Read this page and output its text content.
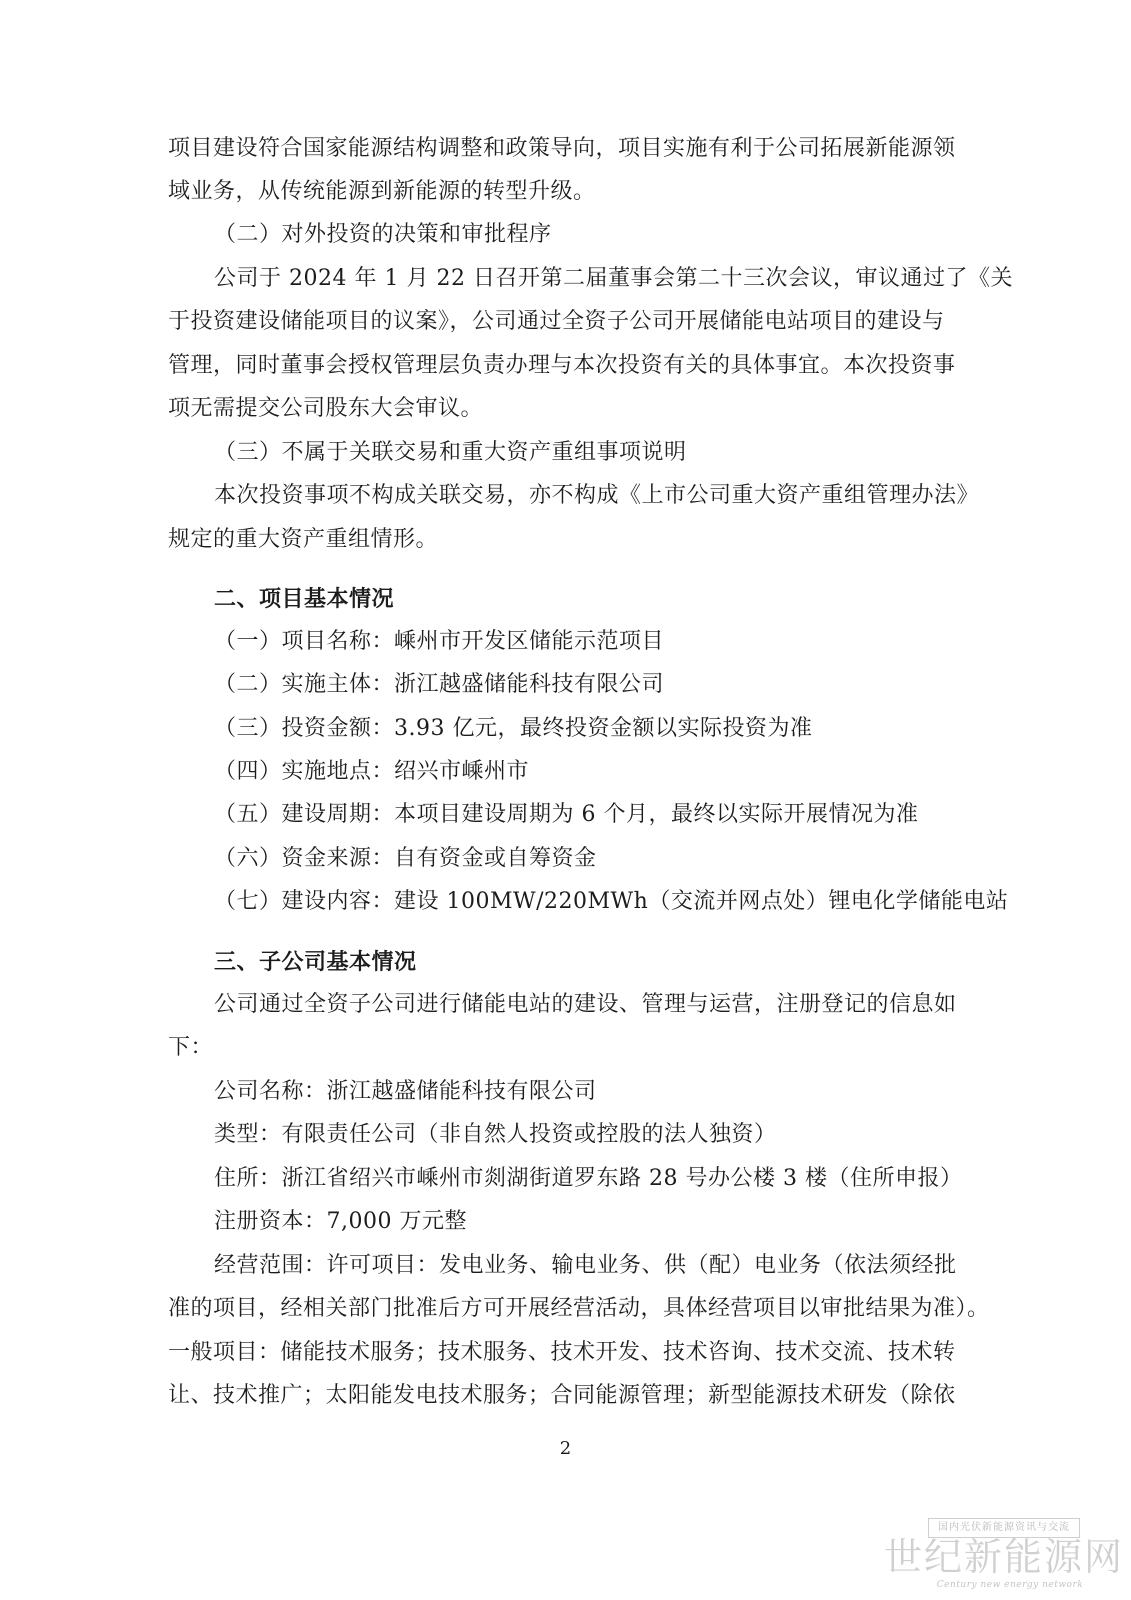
项目建设符合国家能源结构调整和政策导向，项目实施有利于公司拓展新能源领
域业务，从传统能源到新能源的转型升级。
（二）对外投资的决策和审批程序
公司于 2024 年 1 月 22 日召开第二届董事会第二十三次会议，审议通过了《关
于投资建设储能项目的议案》，公司通过全资子公司开展储能电站项目的建设与
管理，同时董事会授权管理层负责办理与本次投资有关的具体事宜。本次投资事
项无需提交公司股东大会审议。
（三）不属于关联交易和重大资产重组事项说明
本次投资事项不构成关联交易，亦不构成《上市公司重大资产重组管理办法》
规定的重大资产重组情形。
二、项目基本情况
（一）项目名称：嵊州市开发区储能示范项目
（二）实施主体：浙江越盛储能科技有限公司
（三）投资金额：3.93 亿元，最终投资金额以实际投资为准
（四）实施地点：绍兴市嵊州市
（五）建设周期：本项目建设周期为 6 个月，最终以实际开展情况为准
（六）资金来源：自有资金或自筹资金
（七）建设内容：建设 100MW/220MWh（交流并网点处）锂电化学储能电站
三、子公司基本情况
公司通过全资子公司进行储能电站的建设、管理与运营，注册登记的信息如
下：
公司名称：浙江越盛储能科技有限公司
类型：有限责任公司（非自然人投资或控股的法人独资）
住所：浙江省绍兴市嵊州市剡湖街道罗东路 28 号办公楼 3 楼（住所申报）
注册资本：7,000 万元整
经营范围：许可项目：发电业务、输电业务、供（配）电业务（依法须经批
准的项目，经相关部门批准后方可开展经营活动，具体经营项目以审批结果为准）。
一般项目：储能技术服务；技术服务、技术开发、技术咨询、技术交流、技术转
让、技术推广；太阳能发电技术服务；合同能源管理；新型能源技术研发（除依
2
国内光伏新能源资讯与交流
世纪新能源网
Century new energy network
